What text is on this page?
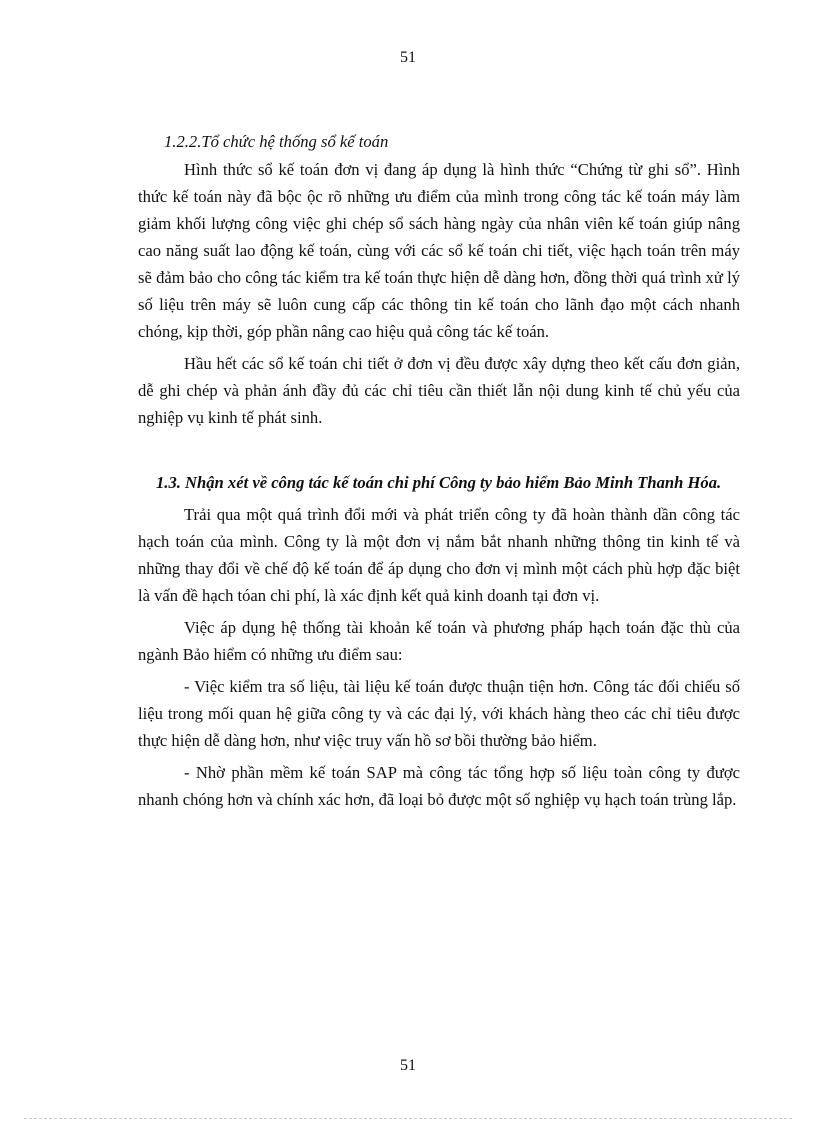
51
1.2.2.Tổ chức hệ thống sổ kế toán

Hình thức sổ kế toán đơn vị đang áp dụng là hình thức “Chứng từ ghi sổ”. Hình thức kế toán này đã bộc ộc rõ những ưu điểm của mình trong công tác kế toán máy làm giảm khối lượng công việc ghi chép sổ sách hàng ngày của nhân viên kế toán giúp nâng cao năng suất lao động kế toán, cùng với các sổ kế toán chi tiết, việc hạch toán trên máy sẽ đảm bảo cho công tác kiểm tra kế toán thực hiện dễ dàng hơn, đồng thời quá trình xử lý số liệu trên máy sẽ luôn cung cấp các thông tin kế toán cho lãnh đạo một cách nhanh chóng, kịp thời, góp phần nâng cao hiệu quả công tác kế toán.

Hầu hết các sổ kế toán chi tiết ở đơn vị đều được xây dựng theo kết cấu đơn giản, dễ ghi chép và phản ánh đầy đủ các chỉ tiêu cần thiết lẫn nội dung kinh tế chủ yếu của nghiệp vụ kinh tế phát sinh.

1.3. Nhận xét về công tác kế toán chi phí Công ty bảo hiểm Bảo Minh Thanh Hóa.

Trải qua một quá trình đổi mới và phát triển công ty đã hoàn thành dần công tác hạch toán của mình. Công ty là một đơn vị nắm bắt nhanh những thông tin kinh tế và những thay đổi về chế độ kế toán để áp dụng cho đơn vị mình một cách phù hợp đặc biệt là vấn đề hạch tóan chi phí, là xác định kết quả kinh doanh tại đơn vị.

Việc áp dụng hệ thống tài khoản kế toán và phương pháp hạch toán đặc thù của ngành Bảo hiểm có những ưu điểm sau:

- Việc kiểm tra số liệu, tài liệu kế toán được thuận tiện hơn. Công tác đối chiếu số liệu trong mối quan hệ giữa công ty và các đại lý, với khách hàng theo các chỉ tiêu được thực hiện dễ dàng hơn, như việc truy vấn hồ sơ bồi thường bảo hiểm.

- Nhờ phần mềm kế toán SAP mà công tác tổng hợp số liệu toàn công ty được nhanh chóng hơn và chính xác hơn, đã loại bỏ được một số nghiệp vụ hạch toán trùng lắp.

51
